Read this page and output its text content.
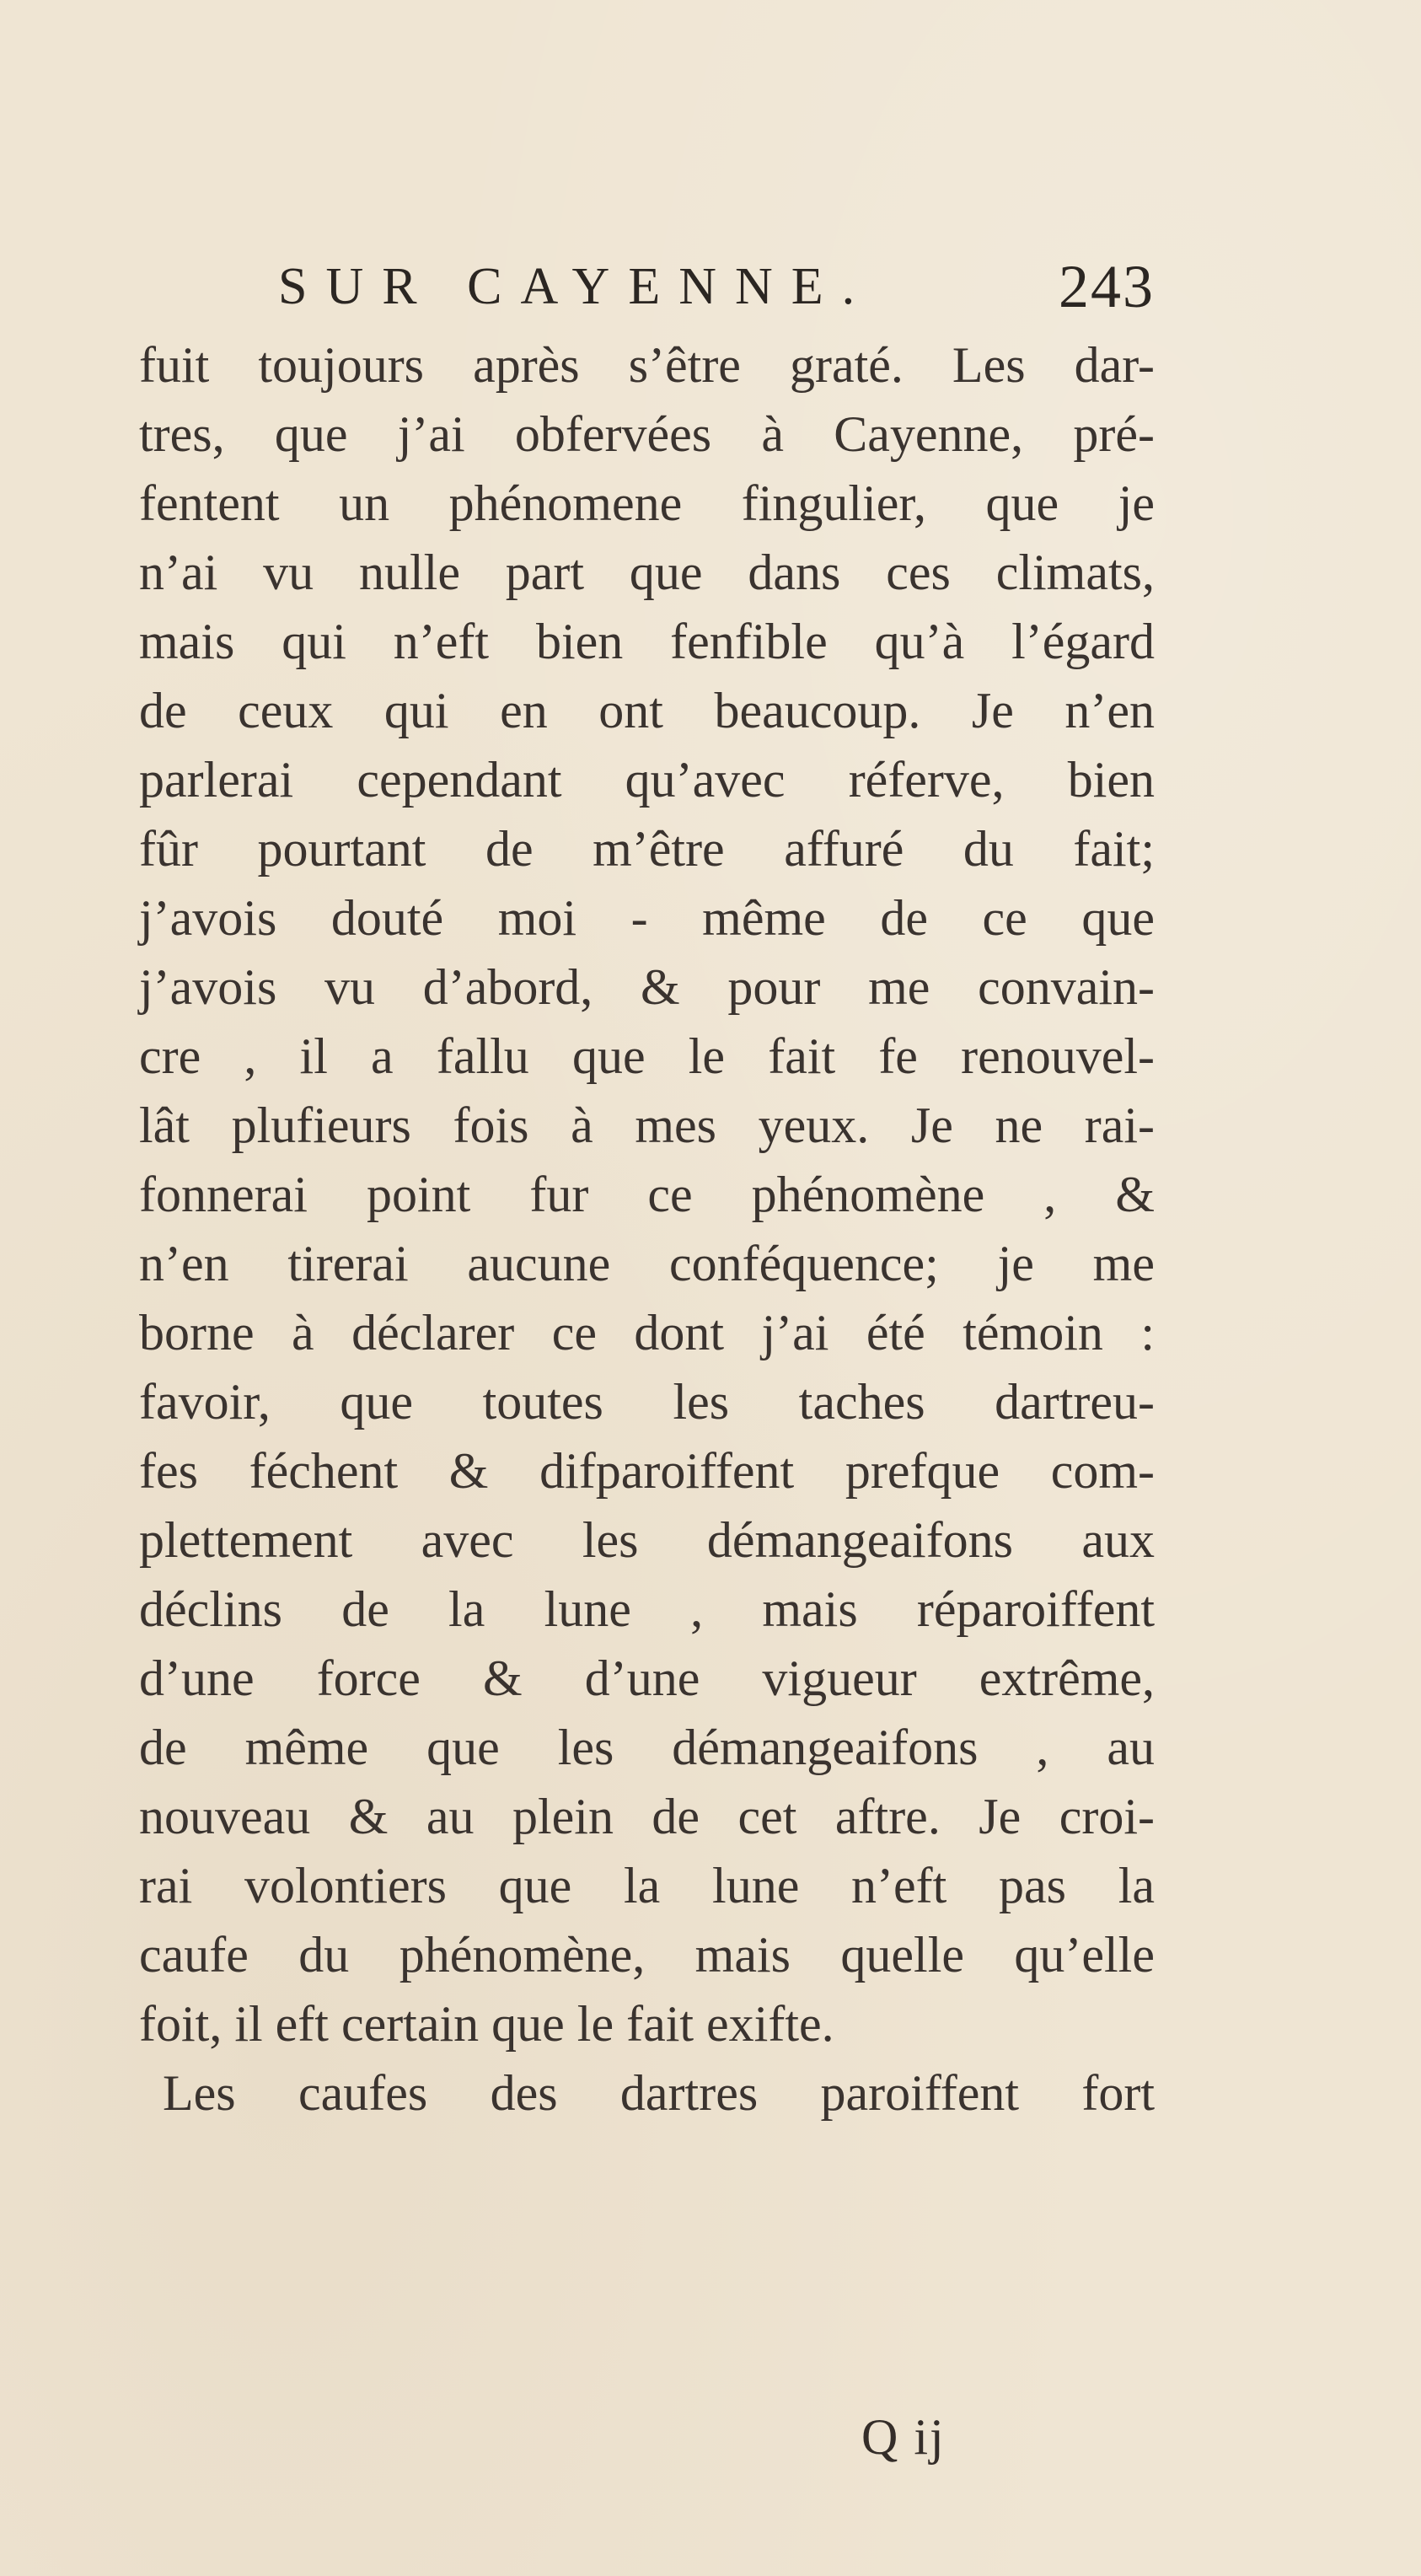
SUR CAYENNE.	243
fuit toujours après s’être graté. Les dar-
tres, que j’ai obfervées à Cayenne, pré-
fentent un phénomene fingulier, que je
n’ai vu nulle part que dans ces climats,
mais qui n’eft bien fenfible qu’à l’égard
de ceux qui en ont beaucoup. Je n’en
parlerai cependant qu’avec réferve, bien
fûr pourtant de m’être affuré du fait;
j’avois douté moi - même de ce que
j’avois vu d’abord, & pour me convain-
cre , il a fallu que le fait fe renouvel-
lât plufieurs fois à mes yeux. Je ne rai-
fonnerai point fur ce phénomène , &
n’en tirerai aucune conféquence; je me
borne à déclarer ce dont j’ai été témoin :
favoir, que toutes les taches dartreu-
fes féchent & difparoiffent prefque com-
plettement avec les démangeaifons aux
déclins de la lune , mais réparoiffent
d’une force & d’une vigueur extrême,
de même que les démangeaifons , au
nouveau & au plein de cet aftre. Je croi-
rai volontiers que la lune n’eft pas la
caufe du phénomène, mais quelle qu’elle
foit, il eft certain que le fait exifte.
Les caufes des dartres paroiffent fort
Q ij
